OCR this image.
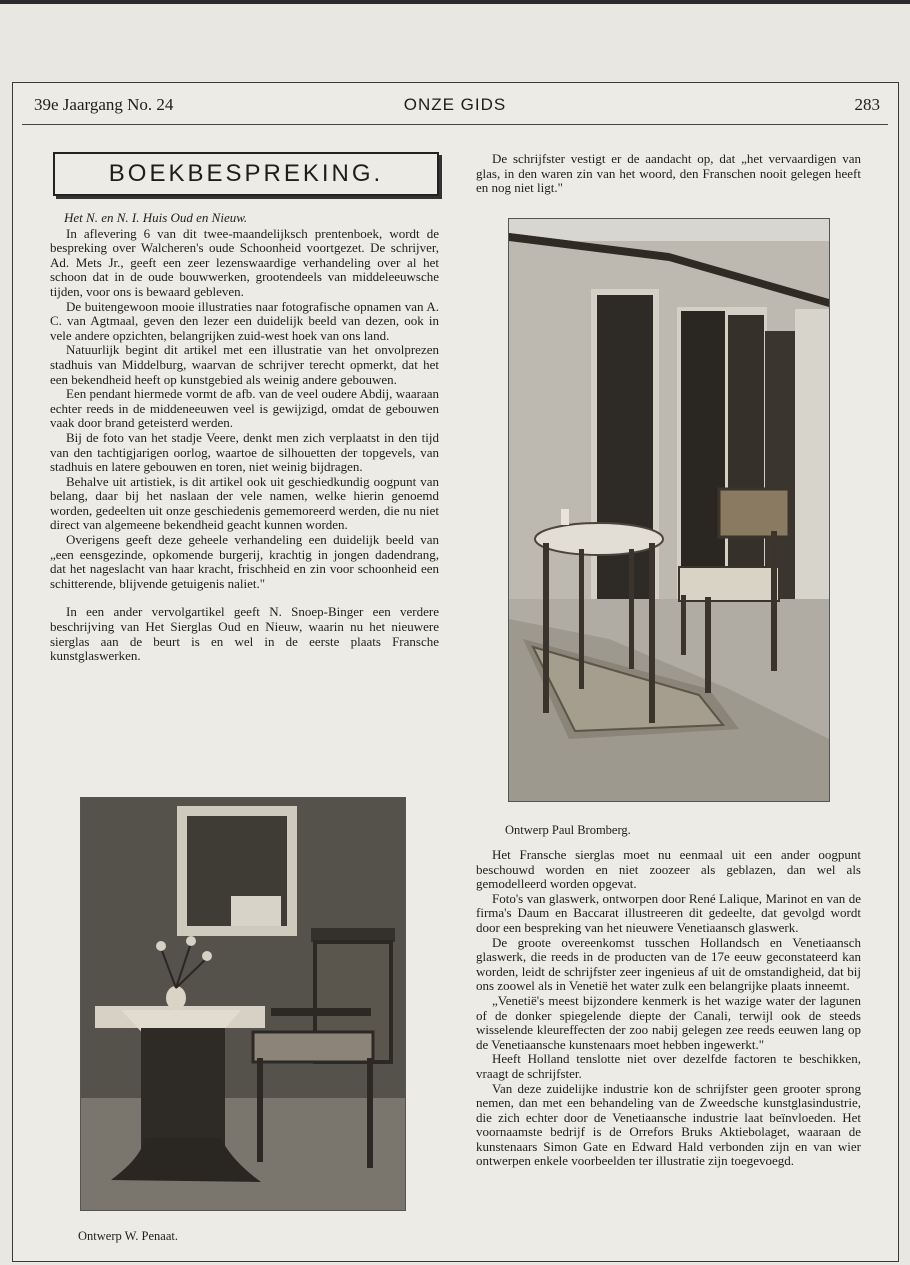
39e Jaargang No. 24	ONZE GIDS	283
BOEKBESPREKING.

Het N. en N. I. Huis Oud en Nieuw.

In aflevering 6 van dit twee-maandelijksch prentenboek, wordt de bespreking over Walcheren's oude Schoonheid voortgezet. De schrijver, Ad. Mets Jr., geeft een zeer lezenswaardige verhandeling over al het schoon dat in de oude bouwwerken, grootendeels van middeleeuwsche tijden, voor ons is bewaard gebleven.

De buitengewoon mooie illustraties naar fotografische opnamen van A. C. van Agtmaal, geven den lezer een duidelijk beeld van dezen, ook in vele andere opzichten, belangrijken zuid-west hoek van ons land.

Natuurlijk begint dit artikel met een illustratie van het onvolprezen stadhuis van Middelburg, waarvan de schrijver terecht opmerkt, dat het een bekendheid heeft op kunstgebied als weinig andere gebouwen.

Een pendant hiermede vormt de afb. van de veel oudere Abdij, waaraan echter reeds in de middeneeuwen veel is gewijzigd, omdat de gebouwen vaak door brand geteisterd werden.

Bij de foto van het stadje Veere, denkt men zich verplaatst in den tijd van den tachtigjarigen oorlog, waartoe de silhouetten der topgevels, van stadhuis en latere gebouwen en toren, niet weinig bijdragen.

Behalve uit artistiek, is dit artikel ook uit geschiedkundig oogpunt van belang, daar bij het naslaan der vele namen, welke hierin genoemd worden, gedeelten uit onze geschiedenis gememoreerd werden, die nu niet direct van algemeene bekendheid geacht kunnen worden.

Overigens geeft deze geheele verhandeling een duidelijk beeld van „een eensgezinde, opkomende burgerij, krachtig in jongen dadendrang, dat het nageslacht van haar kracht, frischheid en zin voor schoonheid een schitterende, blijvende getuigenis naliet."

In een ander vervolgartikel geeft N. Snoep-Binger een verdere beschrijving van Het Sierglas Oud en Nieuw, waarin nu het nieuwere sierglas aan de beurt is en wel in de eerste plaats Fransche kunstglaswerken.

De schrijfster vestigt er de aandacht op, dat „het vervaardigen van glas, in den waren zin van het woord, den Franschen nooit gelegen heeft en nog niet ligt."

Ontwerp Paul Bromberg.

Het Fransche sierglas moet nu eenmaal uit een ander oogpunt beschouwd worden en niet zoozeer als geblazen, dan wel als gemodelleerd worden opgevat.

Foto's van glaswerk, ontworpen door René Lalique, Marinot en van de firma's Daum en Baccarat illustreeren dit gedeelte, dat gevolgd wordt door een bespreking van het nieuwere Venetiaansch glaswerk.

De groote overeenkomst tusschen Hollandsch en Venetiaansch glaswerk, die reeds in de producten van de 17e eeuw geconstateerd kan worden, leidt de schrijfster zeer ingenieus af uit de omstandigheid, dat bij ons zoowel als in Venetië het water zulk een belangrijke plaats inneemt.

„Venetië's meest bijzondere kenmerk is het wazige water der lagunen of de donker spiegelende diepte der Canali, terwijl ook de steeds wisselende kleureffecten der zoo nabij gelegen zee reeds eeuwen lang op de Venetiaansche kunstenaars moet hebben ingewerkt."

Heeft Holland tenslotte niet over dezelfde factoren te beschikken, vraagt de schrijfster.

Van deze zuidelijke industrie kon de schrijfster geen grooter sprong nemen, dan met een behandeling van de Zweedsche kunstglasindustrie, die zich echter door de Venetiaansche industrie laat beïnvloeden. Het voornaamste bedrijf is de Orrefors Bruks Aktiebolaget, waaraan de kunstenaars Simon Gate en Edward Hald verbonden zijn en van wier ontwerpen enkele voorbeelden ter illustratie zijn toegevoegd.

Ontwerp W. Penaat.
